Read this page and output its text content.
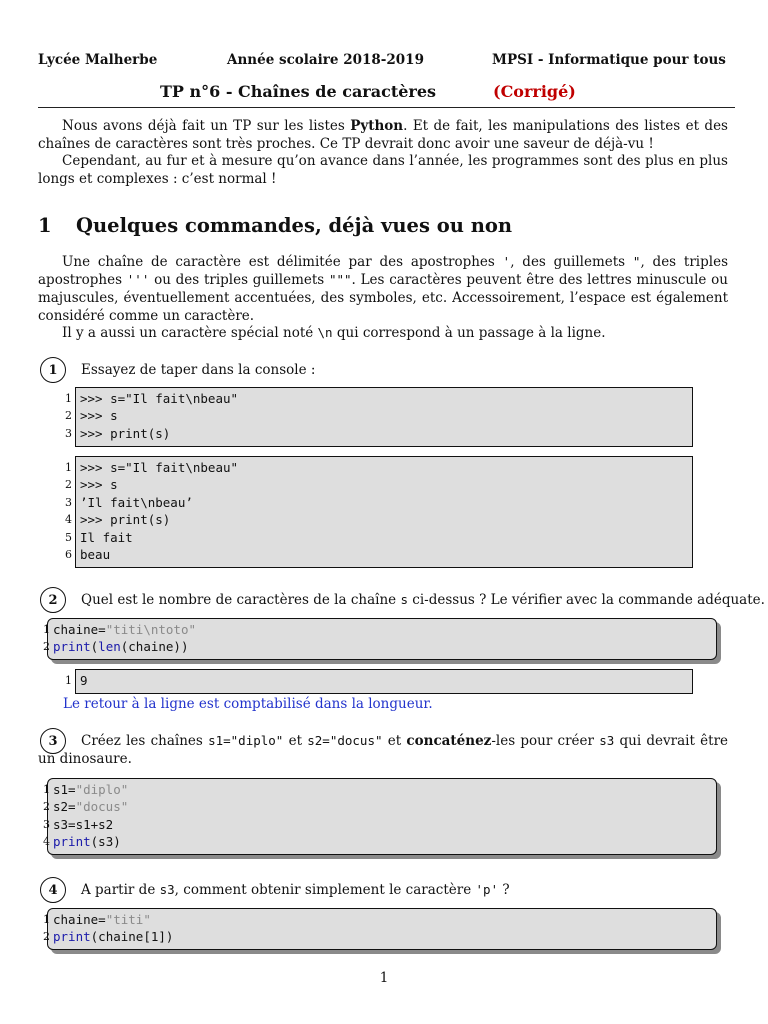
Lycée Malherbe	Année scolaire 2018-2019	MPSI - Informatique pour tous
TP n°6 - Chaînes de caractères	(Corrigé)
Nous avons déjà fait un TP sur les listes Python. Et de fait, les manipulations des listes et des chaînes de caractères sont très proches. Ce TP devrait donc avoir une saveur de déjà-vu !
Cependant, au fur et à mesure qu’on avance dans l’année, les programmes sont des plus en plus longs et complexes : c’est normal !
1 Quelques commandes, déjà vues ou non
Une chaîne de caractère est délimitée par des apostrophes ', des guillemets ", des triples apostrophes ''' ou des triples guillemets """. Les caractères peuvent être des lettres minuscule ou majuscules, éventuellement accentuées, des symboles, etc. Accessoirement, l’espace est également considéré comme un caractère.
Il y a aussi un caractère spécial noté \n qui correspond à un passage à la ligne.
1	Essayez de taper dans la console :
1 >>> s="Il fait\nbeau"
2 >>> s
3 >>> print(s)
1 >>> s="Il fait\nbeau"
2 >>> s
3 ’Il fait\nbeau’
4 >>> print(s)
5 Il fait
6 beau
2	Quel est le nombre de caractères de la chaîne s ci-dessus ? Le vérifier avec la commande adéquate.
1 chaine="titi\ntoto"
2 print(len(chaine))
1 9
Le retour à la ligne est comptabilisé dans la longueur.
3	Créez les chaînes s1="diplo" et s2="docus" et concaténez-les pour créer s3 qui devrait être un dinosaure.
1 s1="diplo"
2 s2="docus"
3 s3=s1+s2
4 print(s3)
4	A partir de s3, comment obtenir simplement le caractère 'p' ?
1 chaine="titi"
2 print(chaine[1])
1
